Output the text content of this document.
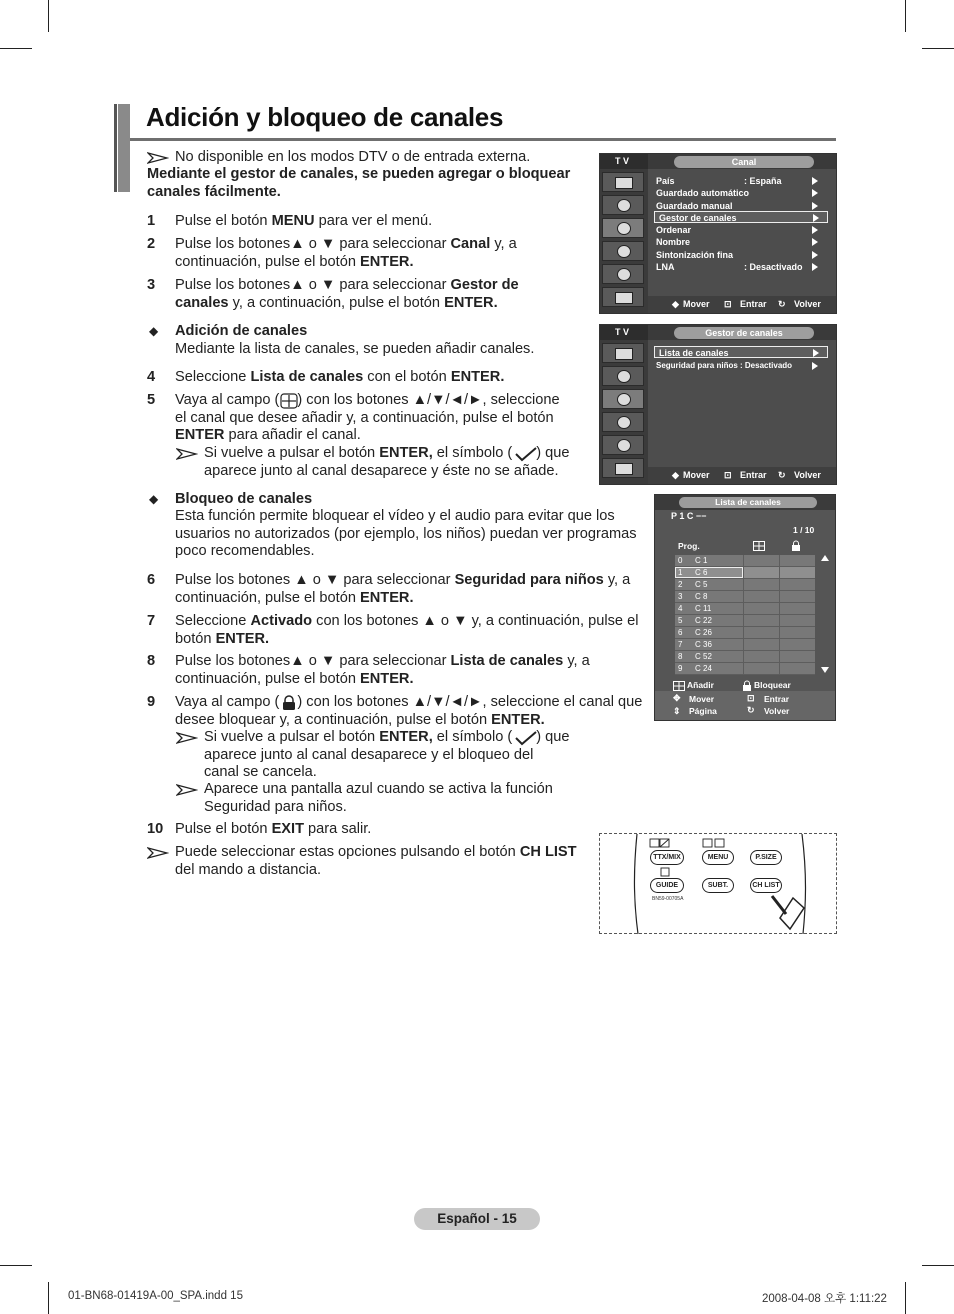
Adición y bloqueo de canales
No disponible en los modos DTV o de entrada externa.
Mediante el gestor de canales, se pueden agregar o bloquear canales fácilmente.
1 Pulse el botón MENU para ver el menú.
2 Pulse los botones▲ o ▼ para seleccionar Canal y, a
continuación, pulse el botón ENTER.
3 Pulse los botones▲ o ▼ para seleccionar Gestor de
canales y, a continuación, pulse el botón ENTER.
◆ Adición de canales
Mediante la lista de canales, se pueden añadir canales.
4 Seleccione Lista de canales con el botón ENTER.
5 Vaya al campo ( ) con los botones ▲/▼/◄/►, seleccione
el canal que desee añadir y, a continuación, pulse el botón
ENTER para añadir el canal.
Si vuelve a pulsar el botón ENTER, el símbolo ( ) que
aparece junto al canal desaparece y éste no se añade.
◆ Bloqueo de canales
Esta función permite bloquear el vídeo y el audio para evitar que los
usuarios no autorizados (por ejemplo, los niños) puedan ver programas
poco recomendables.
6 Pulse los botones ▲ o ▼ para seleccionar Seguridad para niños y, a
continuación, pulse el botón ENTER.
7 Seleccione Activado con los botones ▲ o ▼ y, a continuación, pulse el
botón ENTER.
8 Pulse los botones▲ o ▼ para seleccionar Lista de canales y, a
continuación, pulse el botón ENTER.
9 Vaya al campo ( ) con los botones ▲/▼/◄/►, seleccione el canal que
desee bloquear y, a continuación, pulse el botón ENTER.
Si vuelve a pulsar el botón ENTER, el símbolo ( ) que
aparece junto al canal desaparece y el bloqueo del
canal se cancela.
Aparece una pantalla azul cuando se activa la función
Seguridad para niños.
10 Pulse el botón EXIT para salir.
Puede seleccionar estas opciones pulsando el botón CH LIST
del mando a distancia.
T V	Canal
País	: España
Guardado automático
Guardado manual
Gestor de canales
Ordenar
Nombre
Sintonización fina
LNA	: Desactivado
◆ Mover ⊡ Entrar ↻ Volver
T V	Gestor de canales
Lista de canales
Seguridad para niños : Desactivado
◆ Mover ⊡ Entrar ↻ Volver
Lista de canales
P 1 C −−
1 / 10
Prog.
0 C 1
1 C 6
2 C 5
3 C 8
4 C 11
5 C 22
6 C 26
7 C 36
8 C 52
9 C 24
Añadir	Bloquear
✥ Mover	⊡ Entrar
⇕ Página	↻ Volver
TTX/MIX	MENU	P.SIZE
GUIDE	SUBT.	CH LIST
BN59-00705A
Español - 15
01-BN68-01419A-00_SPA.indd 15	2008-04-08 오후 1:11:22
